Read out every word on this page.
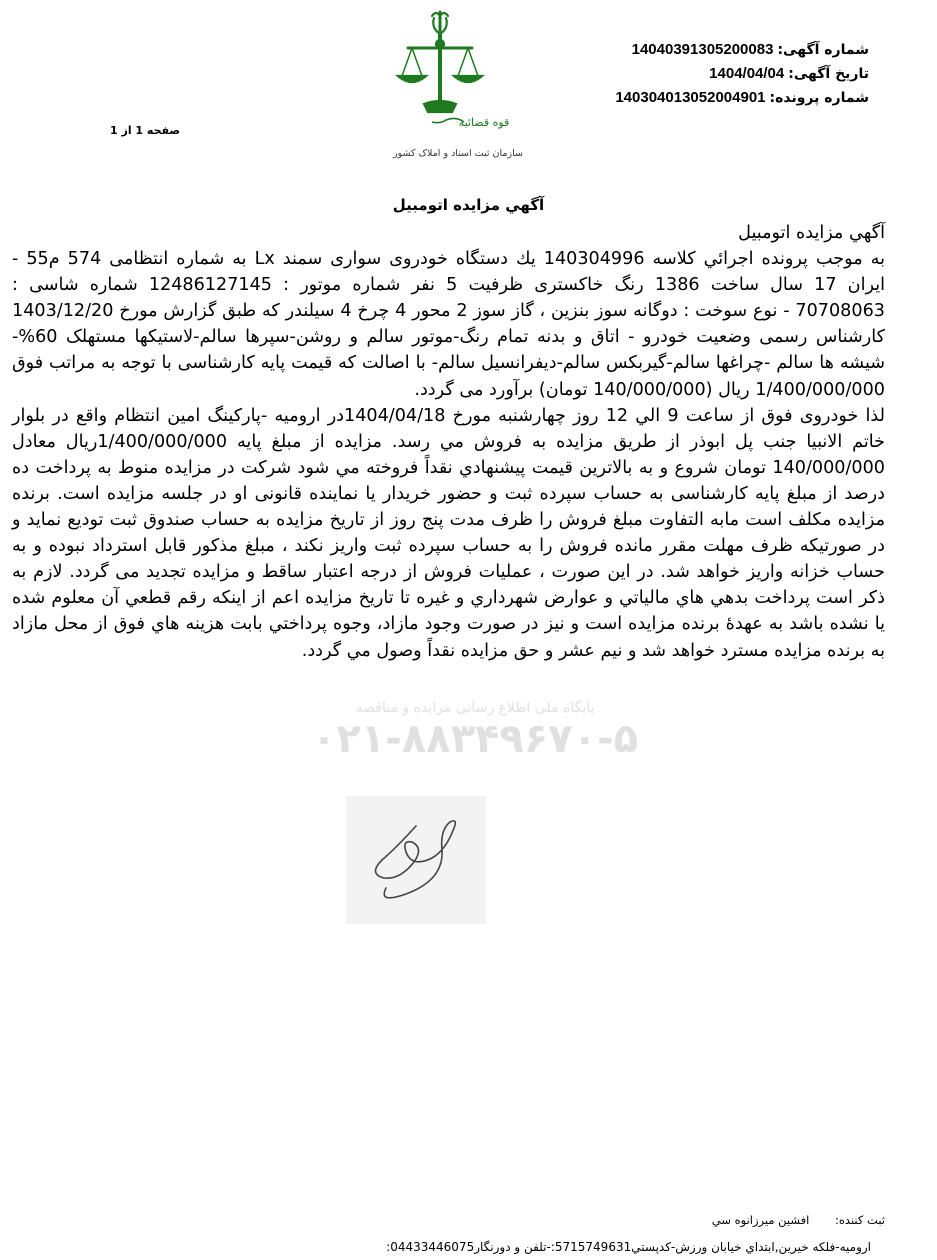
شماره آگهی:14040391305200083
تاریخ آگهی:1404/04/04
شماره پرونده:140304013052004901
صفحه 1 از 1
قوه قضائیه
سازمان ثبت اسناد و املاک کشور
آگهي مزايده اتومبيل

آگهي مزايده اتومبيل

به موجب پرونده اجرائي كلاسه 140304996 يك دستگاه خودروی سواری سمند Lx به شماره انتظامی 574 م55 - ایران 17 سال ساخت 1386 رنگ خاکستری ظرفیت 5 نفر شماره موتور : 12486127145 شماره شاسی : 70708063 - نوع سوخت : دوگانه سوز بنزین ، گاز سوز 2 محور 4 چرخ 4 سیلندر که طبق گزارش مورخ 1403/12/20 کارشناس رسمی وضعیت خودرو - اتاق و بدنه تمام رنگ-موتور سالم و روشن-سپرها سالم-لاستیکها مستهلک 60%- شیشه ها سالم -چراغها سالم-گیربکس سالم-دیفرانسیل سالم- با اصالت که قیمت پایه کارشناسی با توجه به مراتب فوق 1/400/000/000 ریال (140/000/000 تومان) برآورد می گردد.

لذا خودروی فوق از ساعت 9 الي 12 روز چهارشنبه مورخ 1404/04/18در ارومیه -پارکینگ امین انتظام واقع در بلوار خاتم الانبیا جنب پل ابوذر از طريق مزايده به فروش مي رسد. مزايده از مبلغ پايه 1/400/000/000ریال معادل 140/000/000 تومان شروع و به بالاترين قيمت پيشنهادي نقداً فروخته مي شود شركت در مزايده منوط به پرداخت ده درصد از مبلغ پايه كارشناسی به حساب سپرده ثبت و حضور خريدار يا نماينده قانونی او در جلسه مزايده است. برنده مزايده مكلف است مابه التفاوت مبلغ فروش را ظرف مدت پنج روز از تاريخ مزايده به حساب صندوق ثبت توديع نمايد و در صورتيكه ظرف مهلت مقرر مانده فروش را به حساب سپرده ثبت واريز نكند ، مبلغ مذكور قابل استرداد نبوده و به حساب خزانه واريز خواهد شد. در اين صورت ، عمليات فروش از درجه اعتبار ساقط و مزايده تجديد می گردد. لازم به ذكر است پرداخت بدهي هاي مالياتي و عوارض شهرداري و غيره تا تاريخ مزايده اعم از اينكه رقم قطعي آن معلوم شده يا نشده باشد به عهدهٔ برنده مزايده است و نيز در صورت وجود مازاد، وجوه پرداختي بابت هزينه هاي فوق از محل مازاد به برنده مزايده مسترد خواهد شد و نيم عشر و حق مزايده نقداً وصول مي گردد.

پایگاه ملی اطلاع رسانی مزایده و مناقصه
۰۲۱-۸۸۳۴۹۶۷۰-۵
ثبت کننده: افشین میرزانوه سي
اروميه-فلكه خيرين,ابتداي خيابان ورزش-كدپستي5715749631:-تلفن و دورنگار04433446075:
